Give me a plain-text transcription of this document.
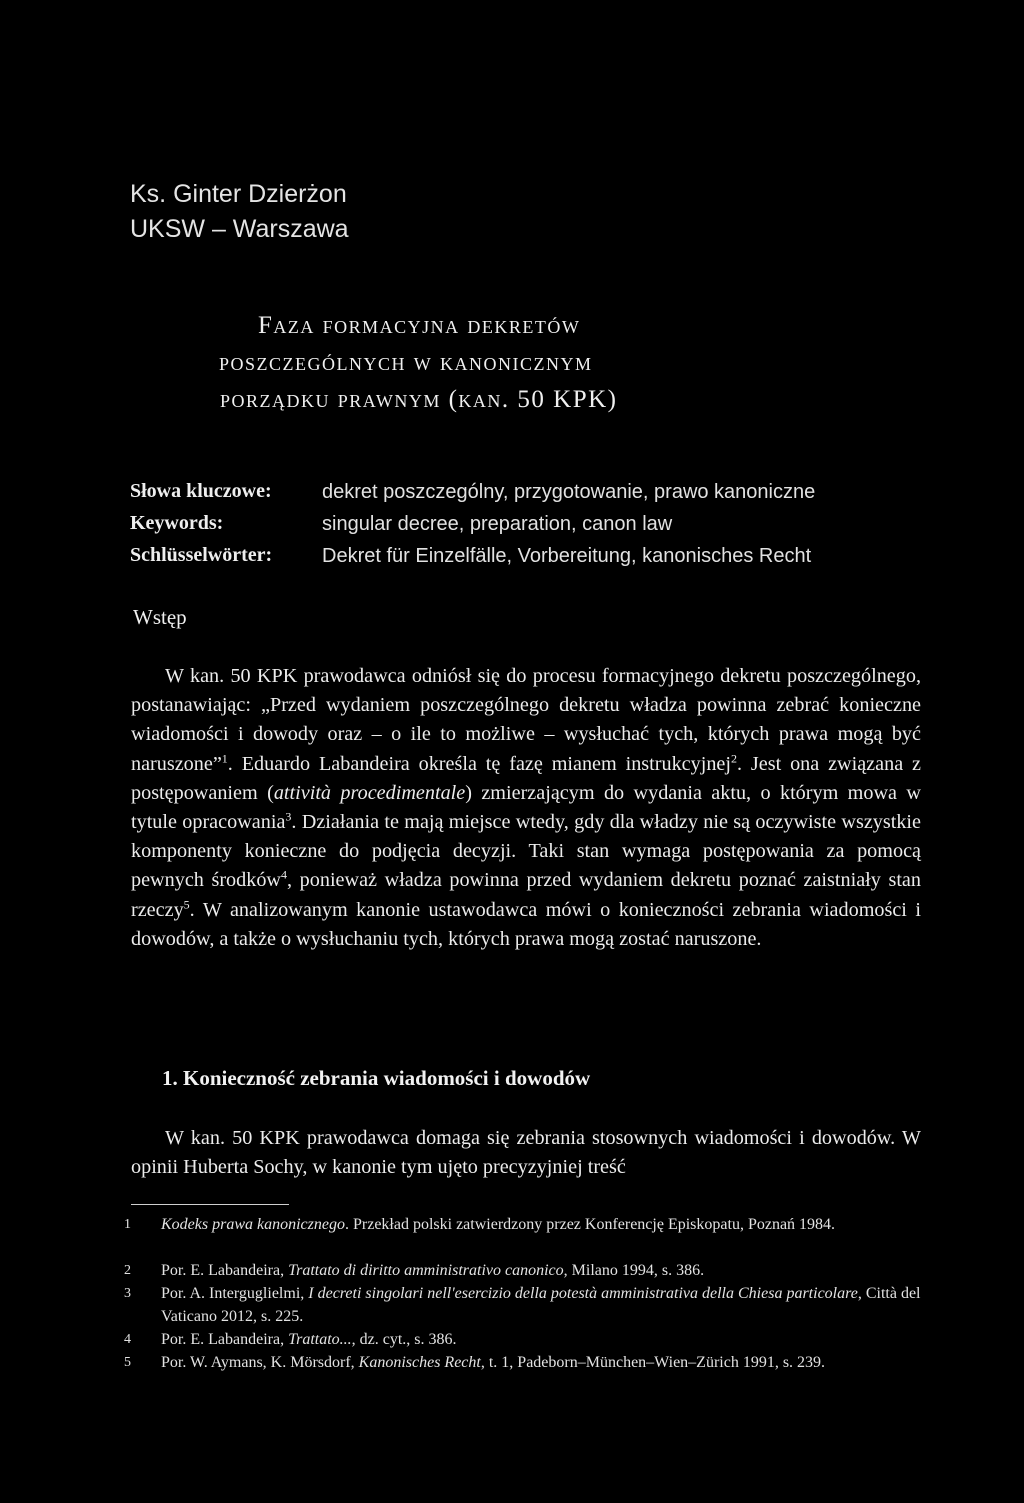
Ks. Ginter Dzierżon
UKSW – Warszawa
Faza formacyjna dekretów
poszczególnych w kanonicznym
porządku prawnym (kan. 50 KPK)
Słowa kluczowe:	dekret poszczególny, przygotowanie, prawo kanoniczne
Keywords:	singular decree, preparation, canon law
Schlüsselwörter: Dekret für Einzelfälle, Vorbereitung, kanonisches Recht
Wstęp

W kan. 50 KPK prawodawca odniósł się do procesu formacyjnego dekretu poszczególnego, postanawiając: „Przed wydaniem poszczególnego dekretu władza powinna zebrać konieczne wiadomości i dowody oraz – o ile to możliwe – wysłuchać tych, których prawa mogą być naruszone”$^1$. Eduardo Labandeira określa tę fazę mianem instrukcyjnej$^2$. Jest ona związana z postępowaniem (attività procedimentale) zmierzającym do wydania aktu, o którym mowa w tytule opracowania$^3$. Działania te mają miejsce wtedy, gdy dla władzy nie są oczywiste wszystkie komponenty konieczne do podjęcia decyzji. Taki stan wymaga postępowania za pomocą pewnych środków$^4$, ponieważ władza powinna przed wydaniem dekretu poznać zaistniały stan rzeczy$^5$. W analizowanym kanonie ustawodawca mówi o konieczności zebrania wiadomości i dowodów, a także o wysłuchaniu tych, których prawa mogą zostać naruszone.

1. Konieczność zebrania wiadomości i dowodów

W kan. 50 KPK prawodawca domaga się zebrania stosownych wiadomości i dowodów. W opinii Huberta Sochy, w kanonie tym ujęto precyzyjniej treść

1 Kodeks prawa kanonicznego. Przekład polski zatwierdzony przez Konferencję Episkopatu, Poznań 1984.
2 Por. E. Labandeira, Trattato di diritto amministrativo canonico, Milano 1994, s. 386.
3 Por. A. Interguglielmi, I decreti singolari nell'esercizio della potestà amministrativa della Chiesa particolare, Città del Vaticano 2012, s. 225.
4 Por. E. Labandeira, Trattato..., dz. cyt., s. 386.
5 Por. W. Aymans, K. Mörsdorf, Kanonisches Recht, t. 1, Padeborn–München–Wien–Zürich 1991, s. 239.
